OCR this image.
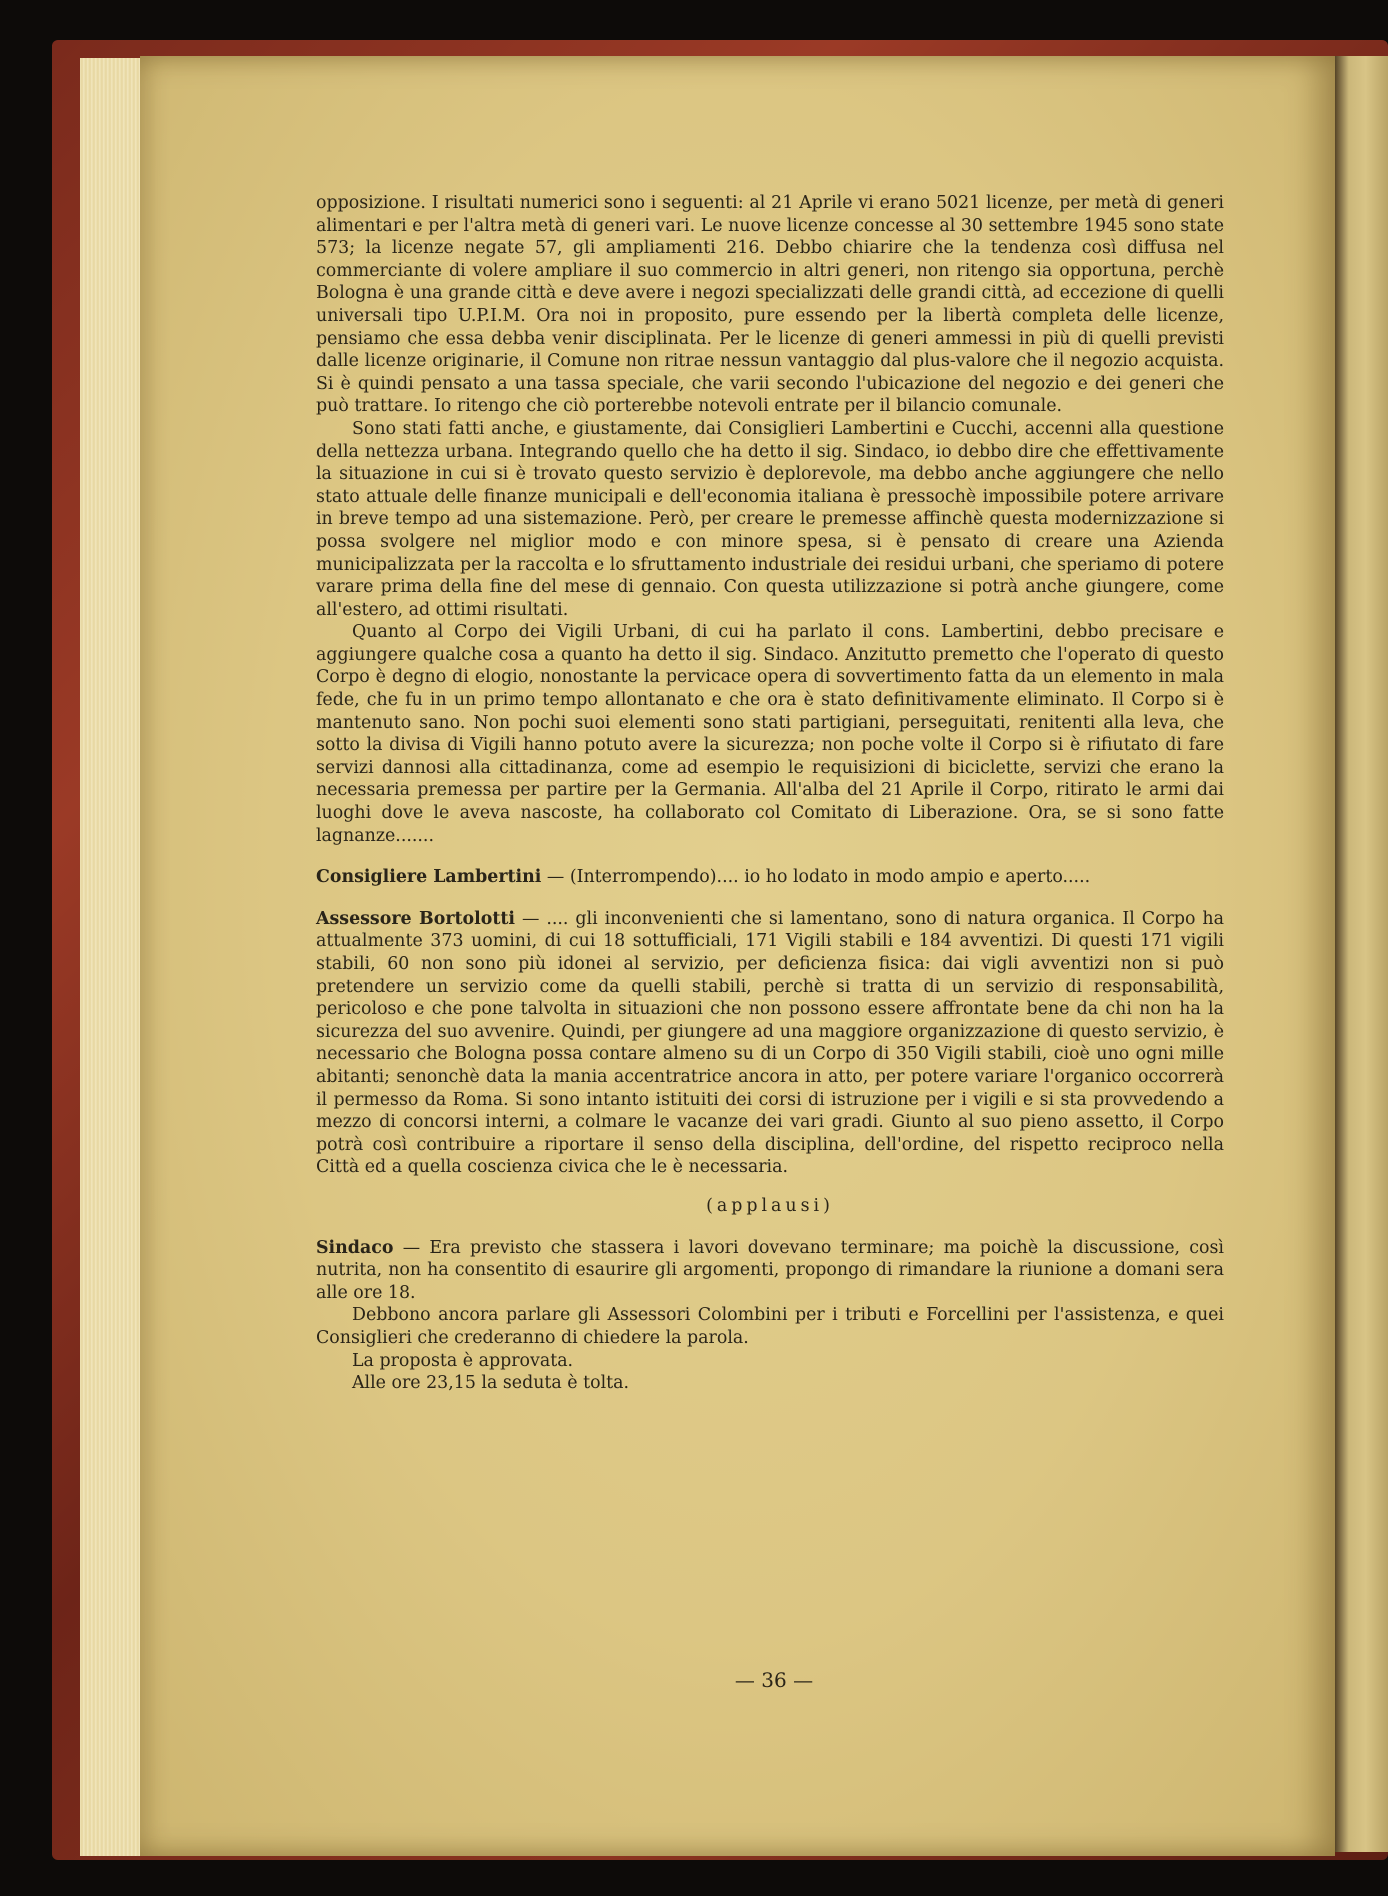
opposizione. I risultati numerici sono i seguenti: al 21 Aprile vi erano 5021 licenze, per metà di generi alimentari e per l'altra metà di generi vari. Le nuove licenze concesse al 30 settembre 1945 sono state 573; la licenze negate 57, gli ampliamenti 216. Debbo chiarire che la tendenza così diffusa nel commerciante di volere ampliare il suo commercio in altri generi, non ritengo sia opportuna, perchè Bologna è una grande città e deve avere i negozi specializzati delle grandi città, ad eccezione di quelli universali tipo U.P.I.M. Ora noi in proposito, pure essendo per la libertà completa delle licenze, pensiamo che essa debba venir disciplinata. Per le licenze di generi ammessi in più di quelli previsti dalle licenze originarie, il Comune non ritrae nessun vantaggio dal plus-valore che il negozio acquista. Si è quindi pensato a una tassa speciale, che varii secondo l'ubicazione del negozio e dei generi che può trattare. Io ritengo che ciò porterebbe notevoli entrate per il bilancio comunale.

Sono stati fatti anche, e giustamente, dai Consiglieri Lambertini e Cucchi, accenni alla questione della nettezza urbana. Integrando quello che ha detto il sig. Sindaco, io debbo dire che effettivamente la situazione in cui si è trovato questo servizio è deplorevole, ma debbo anche aggiungere che nello stato attuale delle finanze municipali e dell'economia italiana è pressochè impossibile potere arrivare in breve tempo ad una sistemazione. Però, per creare le premesse affinchè questa modernizzazione si possa svolgere nel miglior modo e con minore spesa, si è pensato di creare una Azienda municipalizzata per la raccolta e lo sfruttamento industriale dei residui urbani, che speriamo di potere varare prima della fine del mese di gennaio. Con questa utilizzazione si potrà anche giungere, come all'estero, ad ottimi risultati.

Quanto al Corpo dei Vigili Urbani, di cui ha parlato il cons. Lambertini, debbo precisare e aggiungere qualche cosa a quanto ha detto il sig. Sindaco. Anzitutto premetto che l'operato di questo Corpo è degno di elogio, nonostante la pervicace opera di sovvertimento fatta da un elemento in mala fede, che fu in un primo tempo allontanato e che ora è stato definitivamente eliminato. Il Corpo si è mantenuto sano. Non pochi suoi elementi sono stati partigiani, perseguitati, renitenti alla leva, che sotto la divisa di Vigili hanno potuto avere la sicurezza; non poche volte il Corpo si è rifiutato di fare servizi dannosi alla cittadinanza, come ad esempio le requisizioni di biciclette, servizi che erano la necessaria premessa per partire per la Germania. All'alba del 21 Aprile il Corpo, ritirato le armi dai luoghi dove le aveva nascoste, ha collaborato col Comitato di Liberazione. Ora, se si sono fatte lagnanze.......

Consigliere Lambertini — (Interrompendo).... io ho lodato in modo ampio e aperto.....

Assessore Bortolotti — .... gli inconvenienti che si lamentano, sono di natura organica. Il Corpo ha attualmente 373 uomini, di cui 18 sottufficiali, 171 Vigili stabili e 184 avventizi. Di questi 171 vigili stabili, 60 non sono più idonei al servizio, per deficienza fisica: dai vigli avventizi non si può pretendere un servizio come da quelli stabili, perchè si tratta di un servizio di responsabilità, pericoloso e che pone talvolta in situazioni che non possono essere affrontate bene da chi non ha la sicurezza del suo avvenire. Quindi, per giungere ad una maggiore organizzazione di questo servizio, è necessario che Bologna possa contare almeno su di un Corpo di 350 Vigili stabili, cioè uno ogni mille abitanti; senonchè data la mania accentratrice ancora in atto, per potere variare l'organico occorrerà il permesso da Roma. Si sono intanto istituiti dei corsi di istruzione per i vigili e si sta provvedendo a mezzo di concorsi interni, a colmare le vacanze dei vari gradi. Giunto al suo pieno assetto, il Corpo potrà così contribuire a riportare il senso della disciplina, dell'ordine, del rispetto reciproco nella Città ed a quella coscienza civica che le è necessaria.

(applausi)

Sindaco — Era previsto che stassera i lavori dovevano terminare; ma poichè la discussione, così nutrita, non ha consentito di esaurire gli argomenti, propongo di rimandare la riunione a domani sera alle ore 18.

Debbono ancora parlare gli Assessori Colombini per i tributi e Forcellini per l'assistenza, e quei Consiglieri che crederanno di chiedere la parola.

La proposta è approvata.

Alle ore 23,15 la seduta è tolta.

— 36 —
